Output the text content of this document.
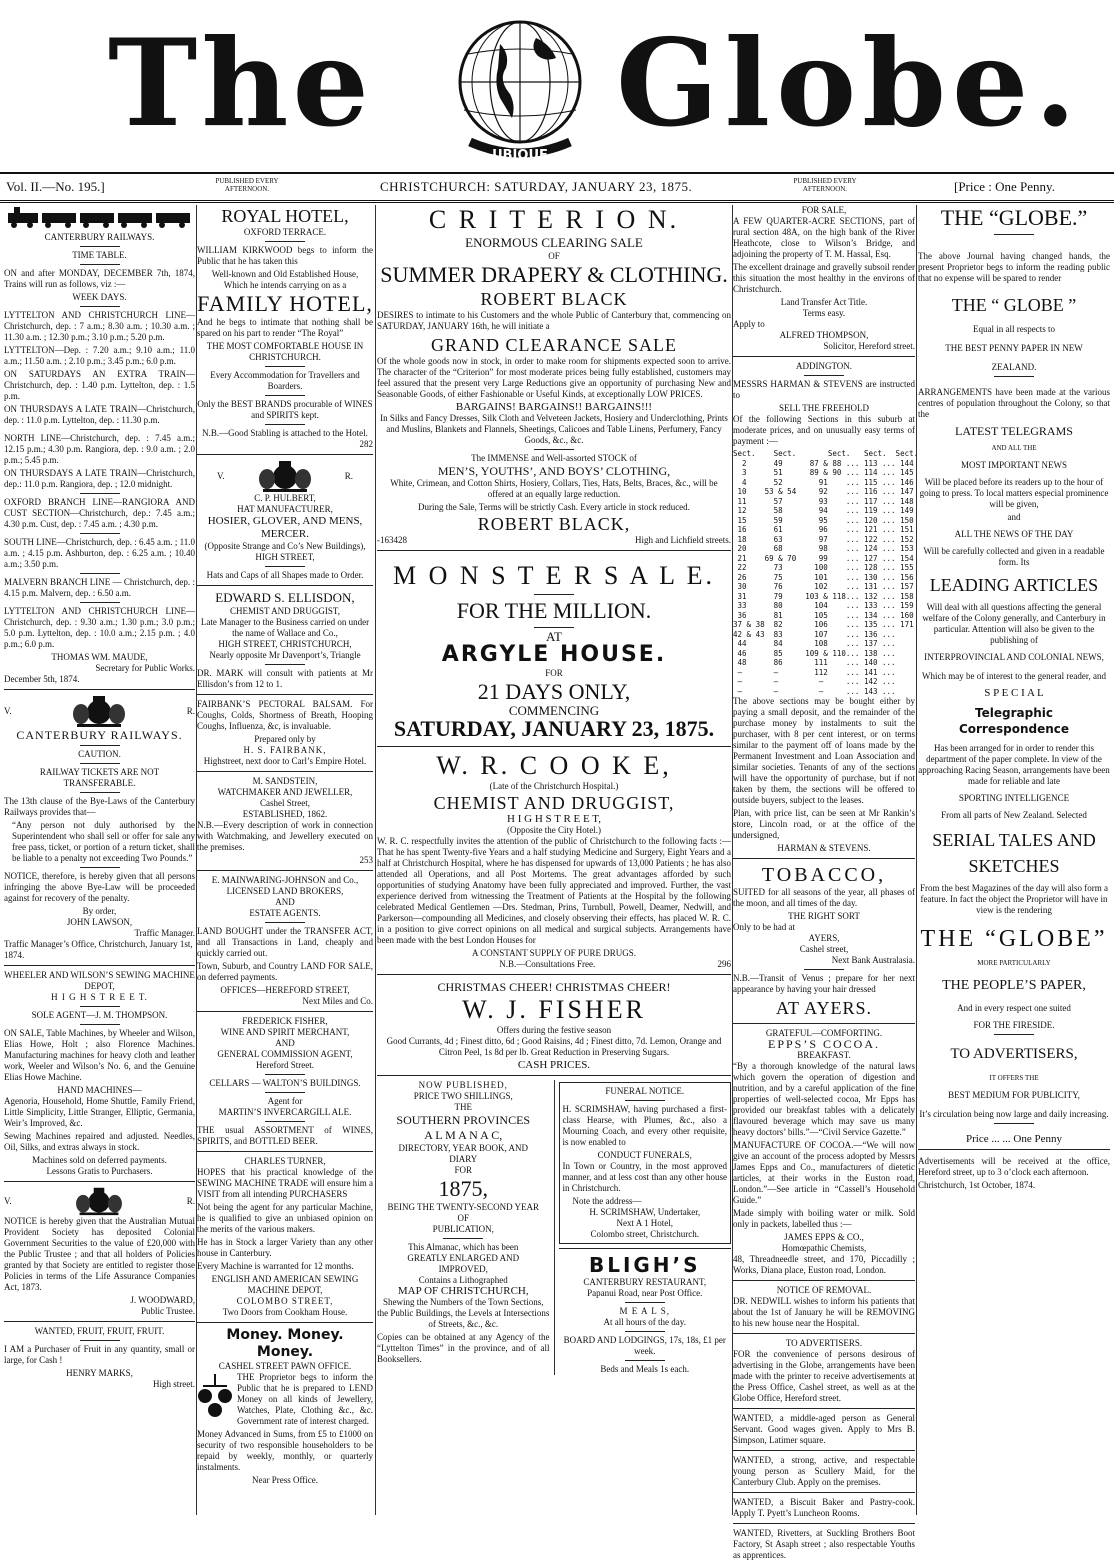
The
UBIQUE
Globe.
Vol. II.—No. 195.]	PUBLISHED EVERY AFTERNOON.	CHRISTCHURCH: SATURDAY, JANUARY 23, 1875.	PUBLISHED EVERY AFTERNOON.	[Price : One Penny.
CANTERBURY RAILWAYS.
TIME TABLE.

ON and after MONDAY, DECEMBER 7th, 1874, Trains will run as follows, viz :—

WEEK DAYS.

LYTTELTON AND CHRISTCHURCH LINE—Christchurch, dep. : 7 a.m.; 8.30 a.m. ; 10.30 a.m. ; 11.30 a.m. ; 12.30 p.m.; 3.10 p.m.; 5.20 p.m.

LYTTELTON—Dep. : 7.20 a.m.; 9.10 a.m.; 11.0 a.m.; 11.50 a.m. ; 2.10 p.m.; 3.45 p.m.; 6.0 p.m.

ON SATURDAYS AN EXTRA TRAIN—Christchurch, dep. : 1.40 p.m. Lyttelton, dep. : 1.5 p.m.

ON THURSDAYS A LATE TRAIN—Christchurch, dep. : 11.0 p.m. Lyttelton, dep. : 11.30 p.m.

NORTH LINE—Christchurch, dep. : 7.45 a.m.; 12.15 p.m.; 4.30 p.m. Rangiora, dep. : 9.0 a.m. ; 2.0 p.m.; 5.45 p.m.

ON THURSDAYS A LATE TRAIN—Christchurch, dep.: 11.0 p.m. Rangiora, dep. ; 12.0 midnight.

OXFORD BRANCH LINE—RANGIORA AND CUST SECTION—Christchurch, dep.: 7.45 a.m.; 4.30 p.m. Cust, dep. : 7.45 a.m. ; 4.30 p.m.

SOUTH LINE—Christchurch, dep. : 6.45 a.m. ; 11.0 a.m. ; 4.15 p.m. Ashburton, dep. : 6.25 a.m. ; 10.40 a.m.; 3.50 p.m.

MALVERN BRANCH LINE — Christchurch, dep. : 4.15 p.m. Malvern, dep. : 6.50 a.m.

LYTTELTON AND CHRISTCHURCH LINE—Christchurch, dep. : 9.30 a.m.; 1.30 p.m.; 3.0 p.m.; 5.0 p.m. Lyttelton, dep. : 10.0 a.m.; 2.15 p.m. ; 4.0 p.m.; 6.0 p.m.

THOMAS WM. MAUDE,
Secretary for Public Works.
December 5th, 1874.
V.	R.
CANTERBURY RAILWAYS.
CAUTION.
RAILWAY TICKETS ARE NOT TRANSFERABLE.

The 13th clause of the Bye-Laws of the Canterbury Railways provides that—

“Any person not duly authorised by the Superintendent who shall sell or offer for sale any free pass, ticket, or portion of a return ticket, shall be liable to a penalty not exceeding Two Pounds.”

NOTICE, therefore, is hereby given that all persons infringing the above Bye-Law will be proceeded against for recovery of the penalty.

By order,
JOHN LAWSON,
Traffic Manager.
Traffic Manager’s Office, Christchurch, January 1st, 1874.
WHEELER AND WILSON’S SEWING MACHINE DEPOT,
H I G H S T R E E T.
SOLE AGENT—J. M. THOMPSON.

ON SALE, Table Machines, by Wheeler and Wilson, Elias Howe, Holt ; also Florence Machines. Manufacturing machines for heavy cloth and leather work, Weeler and Wilson’s No. 6, and the Genuine Elias Howe Machine.

HAND MACHINES—

Agenoria, Household, Home Shuttle, Family Friend, Little Simplicity, Little Stranger, Elliptic, Germania, Weir’s Improved, &c.

Sewing Machines repaired and adjusted. Needles, Oil, Silks, and extras always in stock.

Machines sold on deferred payments.
Lessons Gratis to Purchasers.
V.	R.

NOTICE is hereby given that the Australian Mutual Provident Society has deposited Colonial Government Securities to the value of £20,000 with the Public Trustee ; and that all holders of Policies granted by that Society are entitled to register those Policies in terms of the Life Assurance Companies Act, 1873.

J. WOODWARD,
Public Trustee.
WANTED, FRUIT, FRUIT, FRUIT.

I AM a Purchaser of Fruit in any quantity, small or large, for Cash !

HENRY MARKS,
High street.
ROYAL HOTEL,
OXFORD TERRACE.

WILLIAM KIRKWOOD begs to inform the Public that he has taken this

Well-known and Old Established House,
Which he intends carrying on as a
FAMILY HOTEL,

And he begs to intimate that nothing shall be spared on his part to render “The Royal”

THE MOST COMFORTABLE HOUSE IN CHRISTCHURCH.
Every Accommodation for Travellers and Boarders.
Only the BEST BRANDS procurable of WINES and SPIRITS kept.
N.B.—Good Stabling is attached to the Hotel.
282
V.	R.
C. P. HULBERT,
HAT MANUFACTURER,
HOSIER, GLOVER, AND MENS, MERCER.
(Opposite Strange and Co’s New Buildings), HIGH STREET,
Hats and Caps of all Shapes made to Order.
EDWARD S. ELLISDON,
CHEMIST AND DRUGGIST,
Late Manager to the Business carried on under the name of Wallace and Co.,
HIGH STREET, CHRISTCHURCH,
Nearly opposite Mr Davenport’s, Triangle

DR. MARK will consult with patients at Mr Ellisdon’s from 12 to 1.

FAIRBANK’S PECTORAL BALSAM. For Coughs, Colds, Shortness of Breath, Hooping Coughs, Influenza, &c, is invaluable.

Prepared only by
H. S. FAIRBANK,
Highstreet, next door to Carl’s Empire Hotel.
M. SANDSTEIN,
WATCHMAKER AND JEWELLER,
Cashel Street,
ESTABLISHED, 1862.

N.B.—Every description of work in connection with Watchmaking, and Jewellery executed on the premises.

253
E. MAINWARING-JOHNSON and Co.,
LICENSED LAND BROKERS,
AND
ESTATE AGENTS.

LAND BOUGHT under the TRANSFER ACT, and all Transactions in Land, cheaply and quickly carried out.

Town, Suburb, and Country LAND FOR SALE, on deferred payments.

OFFICES—HEREFORD STREET,
Next Miles and Co.
FREDERICK FISHER,
WINE AND SPIRIT MERCHANT,
AND
GENERAL COMMISSION AGENT,
Hereford Street.
CELLARS — WALTON’S BUILDINGS.
Agent for
MARTIN’S INVERCARGILL ALE.

THE usual ASSORTMENT of WINES, SPIRITS, and BOTTLED BEER.

CHARLES TURNER,

HOPES that his practical knowledge of the SEWING MACHINE TRADE will ensure him a VISIT from all intending PURCHASERS

Not being the agent for any particular Machine, he is qualified to give an unbiased opinion on the merits of the various makers.

He has in Stock a larger Variety than any other house in Canterbury.

Every Machine is warranted for 12 months.

ENGLISH AND AMERICAN SEWING MACHINE DEPOT,
COLOMBO STREET,
Two Doors from Cookham House.
Money. Money. Money.
CASHEL STREET PAWN OFFICE.

THE Proprietor begs to inform the Public that he is prepared to LEND Money on all kinds of Jewellery, Watches, Plate, Clothing &c., &c. Government rate of interest charged.

Money Advanced in Sums, from £5 to £1000 on security of two responsible householders to be repaid by weekly, monthly, or quarterly instalments.

Near Press Office.
C R I T E R I O N.
ENORMOUS CLEARING SALE
OF
SUMMER DRAPERY & CLOTHING.
ROBERT BLACK

DESIRES to intimate to his Customers and the whole Public of Canterbury that, commencing on SATURDAY, JANUARY 16th, he will initiate a

GRAND CLEARANCE SALE

Of the whole goods now in stock, in order to make room for shipments expected soon to arrive. The character of the “Criterion” for most moderate prices being fully established, customers may feel assured that the present very Large Reductions give an opportunity of purchasing New and Seasonable Goods, of either Fashionable or Useful Kinds, at exceptionally LOW PRICES.

BARGAINS! BARGAINS!! BARGAINS!!!

In Silks and Fancy Dresses, Silk Cloth and Velveteen Jackets, Hosiery and Underclothing, Prints and Muslins, Blankets and Flannels, Sheetings, Calicoes and Table Linens, Perfumery, Fancy Goods, &c., &c.

The IMMENSE and Well-assorted STOCK of
MEN’S, YOUTHS’, AND BOYS’ CLOTHING,

White, Crimean, and Cotton Shirts, Hosiery, Collars, Ties, Hats, Belts, Braces, &c., will be offered at an equally large reduction.

During the Sale, Terms will be strictly Cash. Every article in stock reduced.
ROBERT BLACK,
-163428	High and Lichfield streets.
M O N S T E R S A L E.
FOR THE MILLION.
AT
ARGYLE HOUSE.
FOR
21 DAYS ONLY,
COMMENCING
SATURDAY, JANUARY 23, 1875.
W. R. C O O K E,
(Late of the Christchurch Hospital.)
CHEMIST AND DRUGGIST,
H I G H S T R E E T,
(Opposite the City Hotel.)

W. R. C. respectfully invites the attention of the public of Christchurch to the following facts :—That he has spent Twenty-five Years and a half studying Medicine and Surgery, Eight Years and a half at Christchurch Hospital, where he has dispensed for upwards of 13,000 Patients ; he has also attended all Operations, and all Post Mortems. The great advantages afforded by such opportunities of studying Anatomy have been fully appreciated and improved. Further, the vast experience derived from witnessing the Treatment of Patients at the Hospital by the following celebrated Medical Gentlemen —Drs. Stedman, Prins, Turnbull, Powell, Deamer, Nedwill, and Parkerson—compounding all Medicines, and closely observing their effects, has placed W. R. C. in a position to give correct opinions on all medical and surgical subjects. Arrangements have been made with the best London Houses for

A CONSTANT SUPPLY OF PURE DRUGS.
N.B.—Consultations Free.	296
CHRISTMAS CHEER! CHRISTMAS CHEER!
W. J. FISHER
Offers during the festive season

Good Currants, 4d ; Finest ditto, 6d ; Good Raisins, 4d ; Finest ditto, 7d. Lemon, Orange and Citron Peel, 1s 8d per lb. Great Reduction in Preserving Sugars.

CASH PRICES.
NOW PUBLISHED,
PRICE TWO SHILLINGS,
THE
SOUTHERN PROVINCES
A L M A N A C,
DIRECTORY, YEAR BOOK, AND
DIARY
FOR
1875,
BEING THE TWENTY-SECOND YEAR
OF
PUBLICATION,
This Almanac, which has been
GREATLY ENLARGED AND
IMPROVED,
Contains a Lithographed
MAP OF CHRISTCHURCH,

Shewing the Numbers of the Town Sections, the Public Buildings, the Levels at Intersections of Streets, &c., &c.

Copies can be obtained at any Agency of the “Lyttelton Times” in the province, and of all Booksellers.

FUNERAL NOTICE.

H. SCRIMSHAW, having purchased a first-class Hearse, with Plumes, &c., also a Mourning Coach, and every other requisite, is now enabled to

CONDUCT FUNERALS,

In Town or Country, in the most approved manner, and at less cost than any other house in Christchurch.

Note the address—
H. SCRIMSHAW, Undertaker,
Next A 1 Hotel,
Colombo street, Christchurch.
BLIGH’S
CANTERBURY RESTAURANT,
Papanui Road, near Post Office.
M E A L S,
At all hours of the day.
BOARD AND LODGINGS, 17s, 18s, £1 per week.
Beds and Meals 1s each.
FOR SALE,

A FEW QUARTER-ACRE SECTIONS, part of rural section 48A, on the high bank of the River Heathcote, close to Wilson’s Bridge, and adjoining the property of T. M. Hassal, Esq.

The excellent drainage and gravelly subsoil render this situation the most healthy in the environs of Christchurch.

Land Transfer Act Title.
Terms easy.
Apply to
ALFRED THOMPSON,
Solicitor, Hereford street.
ADDINGTON.

MESSRS HARMAN & STEVENS are instructed to

SELL THE FREEHOLD

Of the following Sections in this suburb at moderate prices, and on unusually easy terms of payment :—

Sect.    Sect.       Sect.   Sect.  Sect.
2      49      87 & 88 ... 113 ... 144
3      51      89 & 90 ... 114 ... 145
4      52        91    ... 115 ... 146
10    53 & 54     92    ... 116 ... 147
11      57        93    ... 117 ... 148
12      58        94    ... 119 ... 149
15      59        95    ... 120 ... 150
16      61        96    ... 121 ... 151
18      63        97    ... 122 ... 152
20      68        98    ... 124 ... 153
21    69 & 70     99    ... 127 ... 154
22      73       100    ... 128 ... 155
26      75       101    ... 130 ... 156
30      76       102    ... 131 ... 157
31      79     103 & 118... 132 ... 158
33      80       104    ... 133 ... 159
36      81       105    ... 134 ... 160
37 & 38  82       106    ... 135 ... 171
42 & 43  83       107    ... 136 ...
44      84       108    ... 137 ...
46      85     109 & 110... 138 ...
48      86       111    ... 140 ...
—       —        112    ... 141 ...
—       —         —     ... 142 ...
—       —         —     ... 143 ...

The above sections may be bought either by paying a small deposit, and the remainder of the purchase money by instalments to suit the purchaser, with 8 per cent interest, or on terms similar to the payment off of loans made by the Permanent Investment and Loan Association and similar societies. Tenants of any of the sections will have the opportunity of purchase, but if not taken by them, the sections will be offered to outside buyers, subject to the leases.

Plan, with price list, can be seen at Mr Rankin’s store, Lincoln road, or at the office of the undersigned,

HARMAN & STEVENS.
TOBACCO,

SUITED for all seasons of the year, all phases of the moon, and all times of the day.

THE RIGHT SORT
Only to be had at
AYERS,
Cashel street,
Next Bank Australasia.

N.B.—Transit of Venus ; prepare for her next appearance by having your hair dressed

AT AYERS.
GRATEFUL—COMFORTING.
EPPS’S COCOA.
BREAKFAST.

“By a thorough knowledge of the natural laws which govern the operation of digestion and nutrition, and by a careful application of the fine properties of well-selected cocoa, Mr Epps has provided our breakfast tables with a delicately flavoured beverage which may save us many heavy doctors’ bills.”—“Civil Service Gazette.”

MANUFACTURE OF COCOA.—“We will now give an account of the process adopted by Messrs James Epps and Co., manufacturers of dietetic articles, at their works in the Euston road, London.”—See article in “Cassell’s Household Guide.”

Made simply with boiling water or milk. Sold only in packets, labelled thus :—

JAMES EPPS & CO.,
Homœpathic Chemists,

48, Threadneedle street, and 170, Piccadilly ; Works, Diana place, Euston road, London.

NOTICE OF REMOVAL.

DR. NEDWILL wishes to inform his patients that about the 1st of January he will be REMOVING to his new house near the Hospital.

TO ADVERTISERS.

FOR the convenience of persons desirous of advertising in the Globe, arrangements have been made with the printer to receive advertisements at the Press Office, Cashel street, as well as at the Globe Office, Hereford street.

WANTED, a middle-aged person as General Servant. Good wages given. Apply to Mrs B. Simpson, Latimer square.

WANTED, a strong, active, and respectable young person as Scullery Maid, for the Canterbury Club. Apply on the premises.

WANTED, a Biscuit Baker and Pastry-cook. Apply T. Pyett’s Luncheon Rooms.

WANTED, Rivetters, at Suckling Brothers Boot Factory, St Asaph street ; also respectable Youths as apprentices.

THE “GLOBE.”

The above Journal having changed hands, the present Proprietor begs to inform the reading public that no expense will be spared to render

THE “ GLOBE ”
Equal in all respects to
THE BEST PENNY PAPER IN NEW
ZEALAND.

ARRANGEMENTS have been made at the various centres of population throughout the Colony, so that the

LATEST TELEGRAMS
AND ALL THE
MOST IMPORTANT NEWS

Will be placed before its readers up to the hour of going to press. To local matters especial prominence will be given,

and
ALL THE NEWS OF THE DAY

Will be carefully collected and given in a readable form. Its

LEADING ARTICLES

Will deal with all questions affecting the general welfare of the Colony generally, and Canterbury in particular. Attention will also be given to the publishing of

INTERPROVINCIAL AND COLONIAL NEWS,

Which may be of interest to the general reader, and

S P E C I A L
Telegraphic Correspondence

Has been arranged for in order to render this department of the paper complete. In view of the approaching Racing Season, arrangements have been made for reliable and late

SPORTING INTELLIGENCE
From all parts of New Zealand. Selected
SERIAL TALES AND
SKETCHES

From the best Magazines of the day will also form a feature. In fact the object the Proprietor will have in view is the rendering

THE “GLOBE”
MORE PARTICULARLY
THE PEOPLE’S PAPER,
And in every respect one suited
FOR THE FIRESIDE.
TO ADVERTISERS,
IT OFFERS THE
BEST MEDIUM FOR PUBLICITY,

It’s circulation being now large and daily increasing.

Price ... ... One Penny

Advertisements will be received at the office, Hereford street, up to 3 o’clock each afternoon.

Christchurch, 1st October, 1874.
